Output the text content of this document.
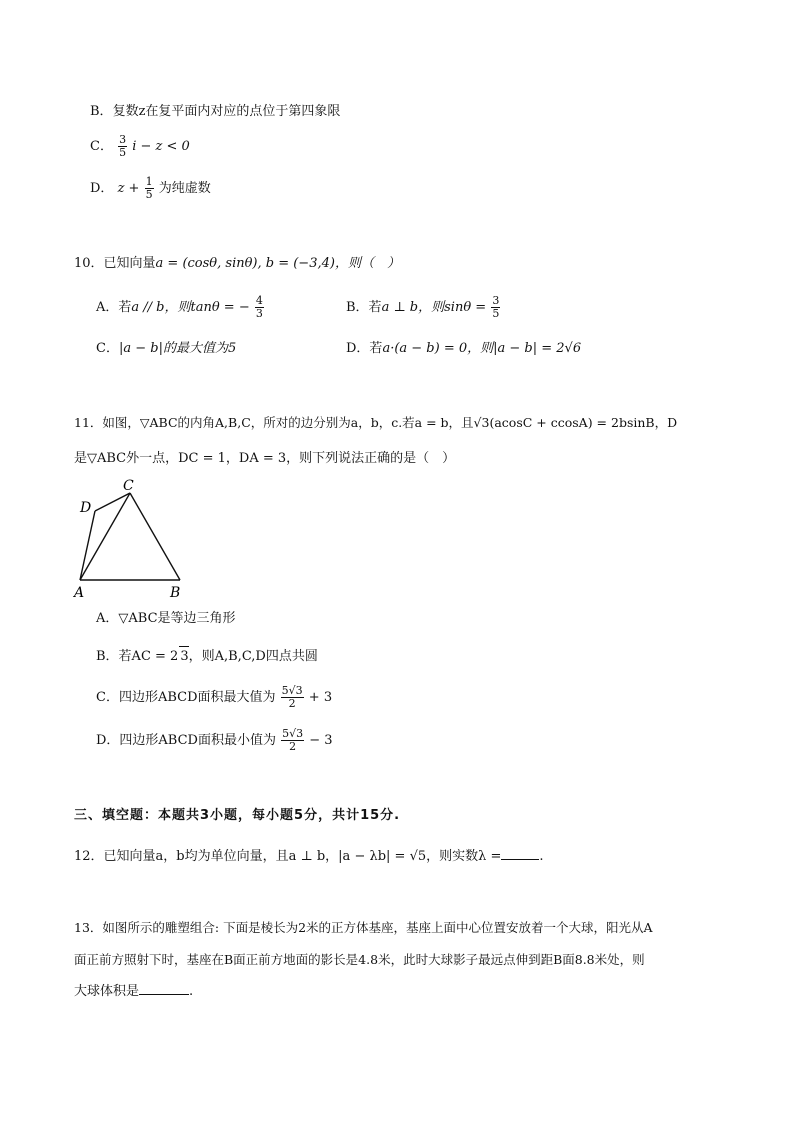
B．复数z在复平面内对应的点位于第四象限
C． $\frac{3}{5}$ i − z < 0
D． $z + \frac{1}{5}$ 为纯虚数
10．已知向量a = (cosθ, sinθ), b = (−3,4)，则（　）
A．若a // b，则tanθ = − $\frac{4}{3}$	B．若a ⊥ b，则$\sin\theta = \frac{3}{5}$
C．|a − b|的最大值为5	D．若a·(a − b) = 0，则|a − b| = 2√6
11．如图，▽ABC的内角A,B,C，所对的边分别为a，b，c.若a = b，且√3(acosC + ccosA) = 2bsinB，D
是▽ABC外一点，DC = 1，DA = 3，则下列说法正确的是（　）
D
C
A	B
A．▽ABC是等边三角形
B．若AC = 2 3，则A,B,C,D四点共圆
C．四边形ABCD面积最大值为 $\frac{5√3}{2} + 3$
D．四边形ABCD面积最小值为 $\frac{5√3}{2} - 3$
三、填空题：本题共3小题，每小题5分，共计15分.
12．已知向量a，b均为单位向量，且a ⊥ b，|a − λb| = √5，则实数λ =	.
13．如图所示的雕塑组合: 下面是棱长为2米的正方体基座，基座上面中心位置安放着一个大球，阳光从A
面正前方照射下时，基座在B面正前方地面的影长是4.8米，此时大球影子最远点伸到距B面8.8米处，则
大球体积是	.
